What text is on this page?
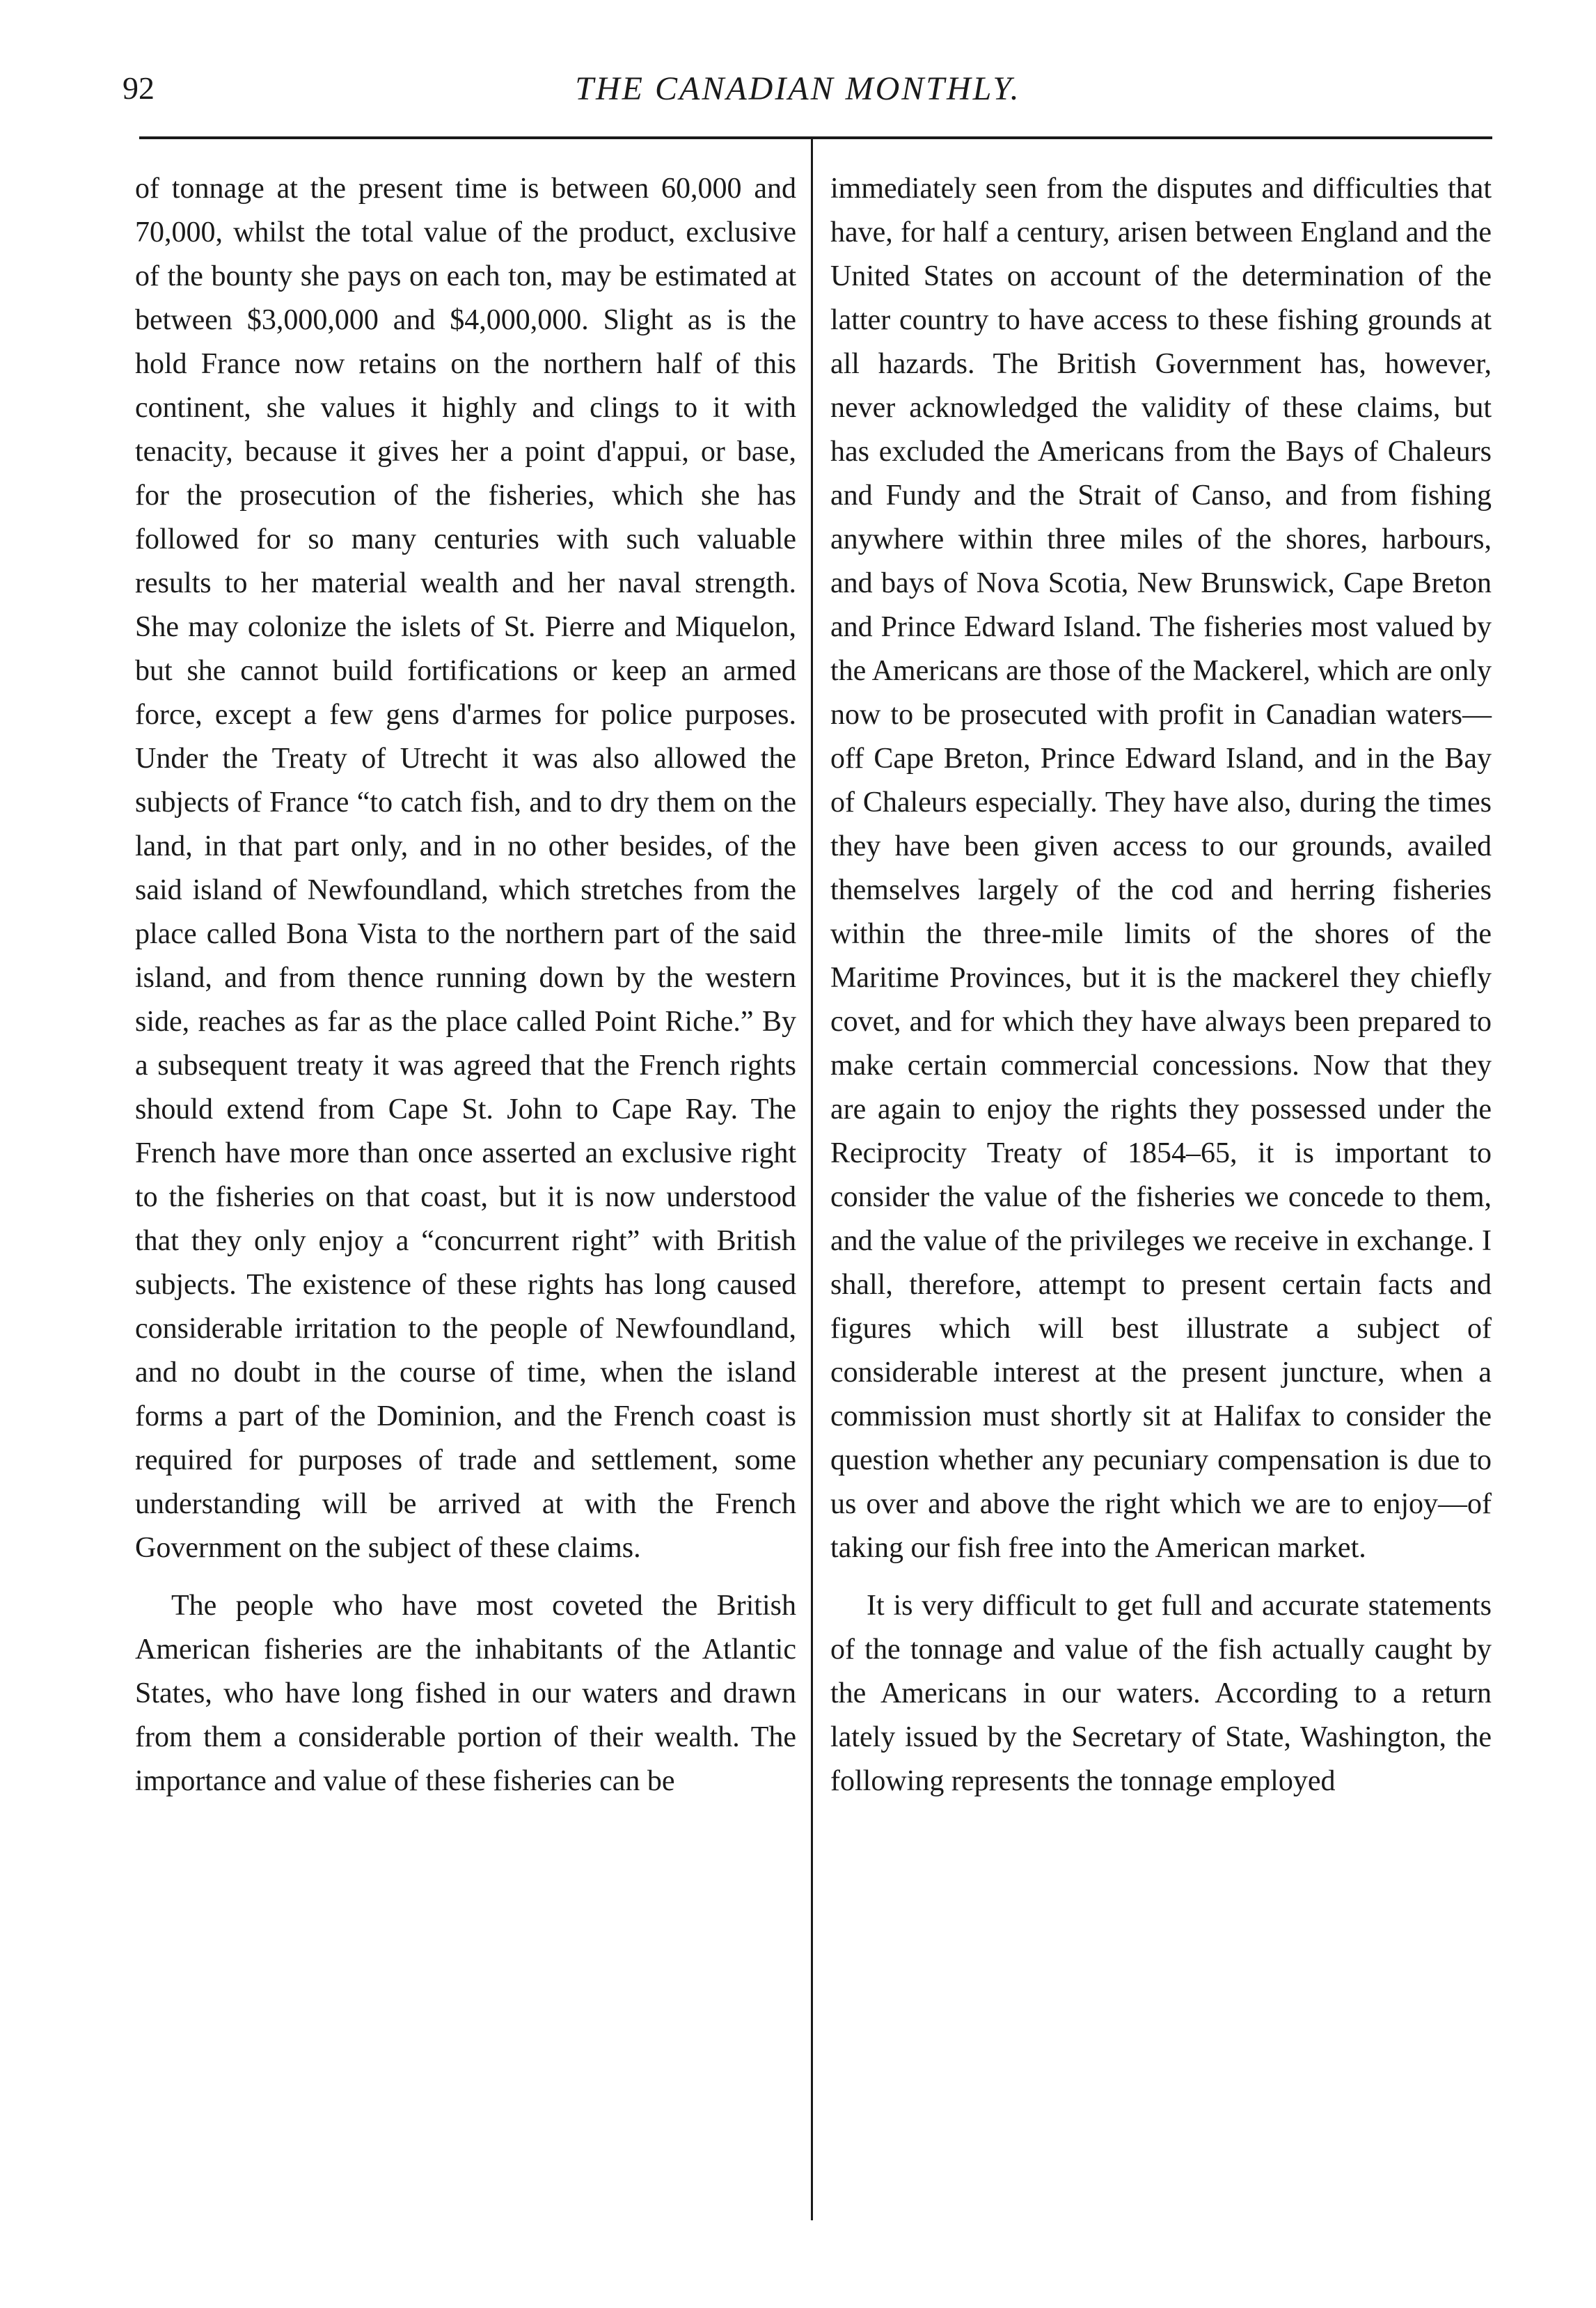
92	THE CANADIAN MONTHLY.

of tonnage at the present time is between 60,000 and 70,000, whilst the total value of the product, exclusive of the bounty she pays on each ton, may be estimated at between $3,000,000 and $4,000,000. Slight as is the hold France now retains on the northern half of this continent, she values it highly and clings to it with tenacity, because it gives her a point d'appui, or base, for the prosecution of the fisheries, which she has followed for so many centuries with such valuable results to her material wealth and her naval strength. She may colonize the islets of St. Pierre and Miquelon, but she cannot build fortifications or keep an armed force, except a few gens d'armes for police purposes. Under the Treaty of Utrecht it was also allowed the subjects of France “to catch fish, and to dry them on the land, in that part only, and in no other besides, of the said island of Newfoundland, which stretches from the place called Bona Vista to the northern part of the said island, and from thence running down by the western side, reaches as far as the place called Point Riche.” By a subsequent treaty it was agreed that the French rights should extend from Cape St. John to Cape Ray. The French have more than once asserted an exclusive right to the fisheries on that coast, but it is now understood that they only enjoy a “concurrent right” with British subjects. The existence of these rights has long caused considerable irritation to the people of Newfoundland, and no doubt in the course of time, when the island forms a part of the Dominion, and the French coast is required for purposes of trade and settlement, some understanding will be arrived at with the French Government on the subject of these claims.

The people who have most coveted the British American fisheries are the inhabitants of the Atlantic States, who have long fished in our waters and drawn from them a considerable portion of their wealth. The importance and value of these fisheries can be

immediately seen from the disputes and difficulties that have, for half a century, arisen between England and the United States on account of the determination of the latter country to have access to these fishing grounds at all hazards. The British Government has, however, never acknowledged the validity of these claims, but has excluded the Americans from the Bays of Chaleurs and Fundy and the Strait of Canso, and from fishing anywhere within three miles of the shores, harbours, and bays of Nova Scotia, New Brunswick, Cape Breton and Prince Edward Island. The fisheries most valued by the Americans are those of the Mackerel, which are only now to be prosecuted with profit in Canadian waters—off Cape Breton, Prince Edward Island, and in the Bay of Chaleurs especially. They have also, during the times they have been given access to our grounds, availed themselves largely of the cod and herring fisheries within the three-mile limits of the shores of the Maritime Provinces, but it is the mackerel they chiefly covet, and for which they have always been prepared to make certain commercial concessions. Now that they are again to enjoy the rights they possessed under the Reciprocity Treaty of 1854–65, it is important to consider the value of the fisheries we concede to them, and the value of the privileges we receive in exchange. I shall, therefore, attempt to present certain facts and figures which will best illustrate a subject of considerable interest at the present juncture, when a commission must shortly sit at Halifax to consider the question whether any pecuniary compensation is due to us over and above the right which we are to enjoy—of taking our fish free into the American market.

It is very difficult to get full and accurate statements of the tonnage and value of the fish actually caught by the Americans in our waters. According to a return lately issued by the Secretary of State, Washington, the following represents the tonnage employed
